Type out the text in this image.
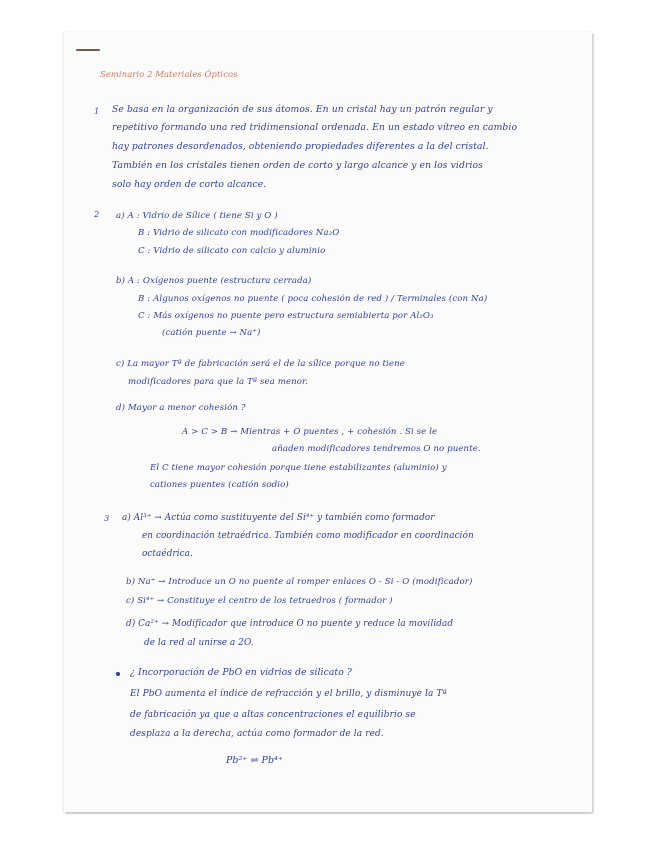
Seminario 2 Materiales Ópticos
1 Se basa en la organización de sus átomos. En un cristal hay un patrón regular y
repetitivo formando una red tridimensional ordenada. En un estado vítreo en cambio
hay patrones desordenados, obteniendo propiedades diferentes a la del cristal.
También en los cristales tienen orden de corto y largo alcance y en los vidrios
solo hay orden de corto alcance.
2 a) A : Vidrio de Sílice ( tiene Si y O )
B : Vidrio de silicato con modificadores Na₂O
C : Vidrio de silicato con calcio y aluminio
b) A : Oxígenos puente (estructura cerrada)
B : Algunos oxígenos no puente ( poca cohesión de red ) / Terminales (con Na)
C : Más oxígenos no puente pero estructura semiabierta por Al₂O₃
(catión puente → Na⁺)
c) La mayor Tª de fabricación será el de la sílice porque no tiene
modificadores para que la Tª sea menor.
d) Mayor a menor cohesión ?
A > C > B → Mientras + O puentes , + cohesión . Si se le
añaden modificadores tendremos O no puente.
El C tiene mayor cohesión porque tiene estabilizantes (aluminio) y
cationes puentes (catión sodio)
3 a) Al³⁺ → Actúa como sustituyente del Si⁴⁺ y también como formador
en coordinación tetraédrica. También como modificador en coordinación
octaédrica.
b) Na⁺ → Introduce un O no puente al romper enlaces O - Si - O (modificador)
c) Si⁴⁺ → Constituye el centro de los tetraedros ( formador )
d) Ca²⁺ → Modificador que introduce O no puente y reduce la movilidad
de la red al unirse a 2O.
¿ Incorporación de PbO en vidrios de silicato ?
El PbO aumenta el índice de refracción y el brillo, y disminuye la Tª
de fabricación ya que a altas concentraciones el equilibrio se
desplaza a la derecha, actúa como formador de la red.
Pb²⁺ ⇌ Pb⁴⁺
